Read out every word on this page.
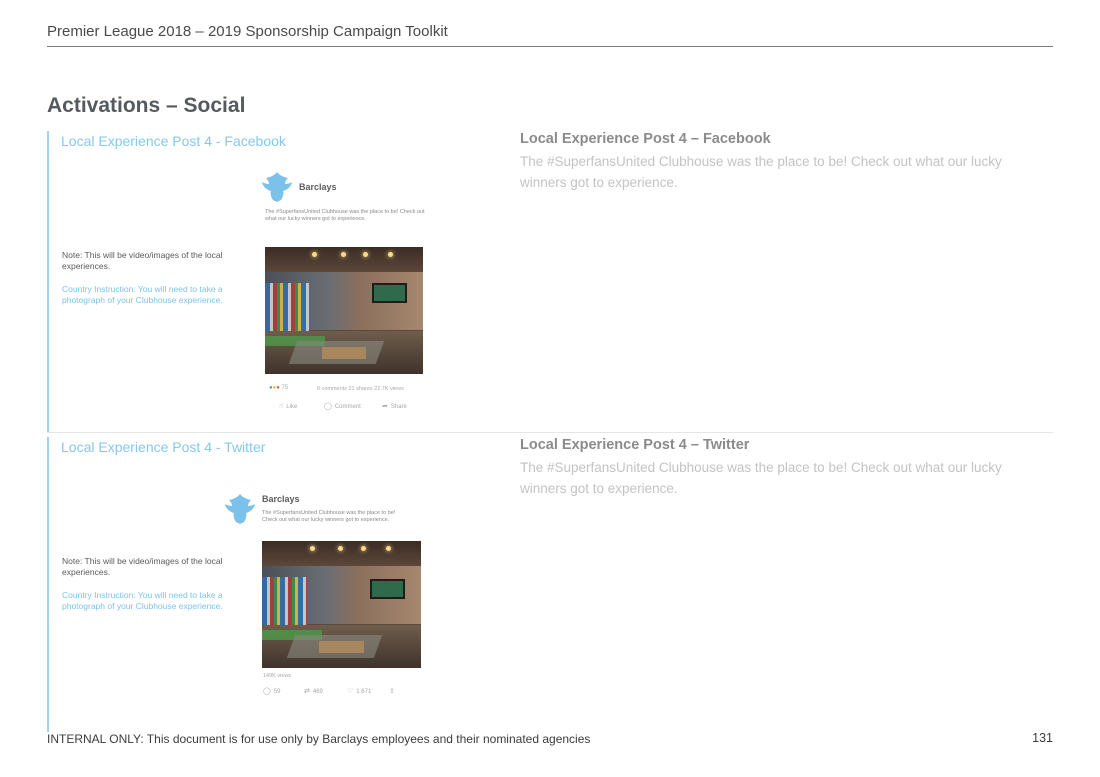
Premier League 2018 – 2019 Sponsorship Campaign Toolkit
Activations – Social
Local Experience Post 4 - Facebook
Note: This will be video/images of the local experiences.
Country Instruction: You will need to take a photograph of your Clubhouse experience.
Barclays
The #SuperfansUnited Clubhouse was the place to be! Check out what our lucky winners got to experience.
●●● 75	6 comments 21 shares 22.7K views
☝ Like	◯ Comment	➦ Share
Local Experience Post 4 – Facebook
The #SuperfansUnited Clubhouse was the place to be! Check out what our lucky winners got to experience.
Local Experience Post 4 - Twitter
Note: This will be video/images of the local experiences.
Country Instruction: You will need to take a photograph of your Clubhouse experience.
Barclays
The #SuperfansUnited Clubhouse was the place to be! Check out what our lucky winners got to experience.
149K views
◯ 59	⇄ 469	♡ 1 671	⇧
Local Experience Post 4 – Twitter
The #SuperfansUnited Clubhouse was the place to be! Check out what our lucky winners got to experience.
INTERNAL ONLY: This document is for use only by Barclays employees and their nominated agencies	131
